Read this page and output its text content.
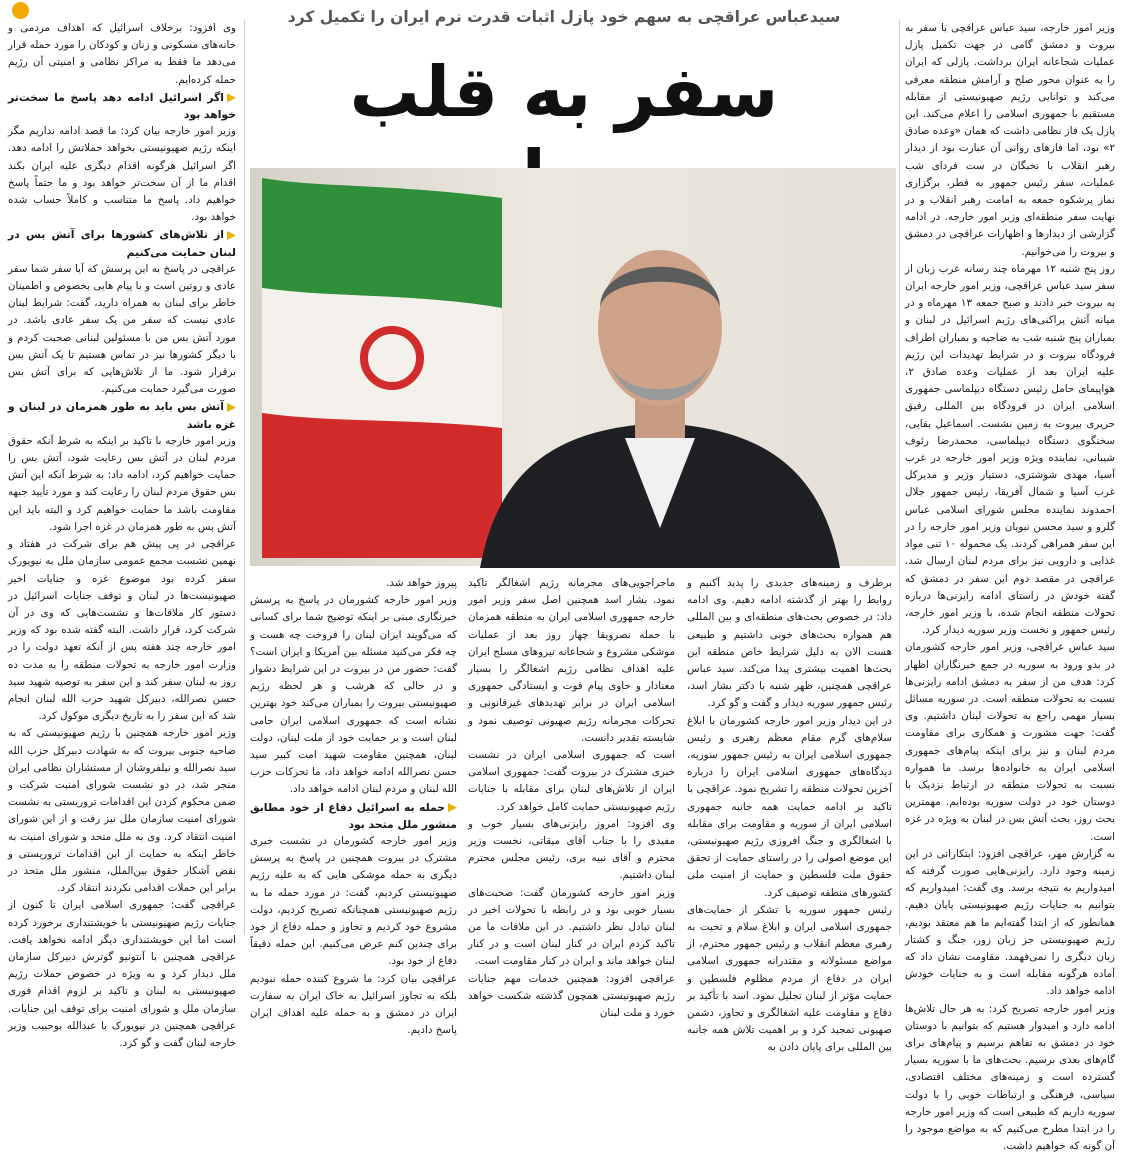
سیدعباس عراقچی به سهم خود پازل اثبات قدرت نرم ایران را تکمیل کرد
سفر به قلب

وزیر امور خارجه، سید عباس عراقچی با سفر به بیروت و دمشق گامی در جهت تکمیل پازل عملیات شجاعانه ایران برداشت. پازلی که ایران را به عنوان محور صلح و آرامش منطقه معرفی می‌کند و توانایی رژیم صهیونیستی از مقابله مستقیم با جمهوری اسلامی را اعلام می‌کند. این پازل یک فاز نظامی داشت که همان «وعده صادق ۲» بود، اما فازهای روانی آن عبارت بود از دیدار رهبر انقلاب با نخبگان در ست فردای شب عملیات، سفر رئیس جمهور به قطر، برگزاری نماز پرشکوه جمعه به امامت رهبر انقلاب و در نهایت سفر منطقه‌ای وزیر امور خارجه. در ادامه گزارشی از دیدارها و اظهارات عراقچی در دمشق و بیروت را می‌خوانیم.

روز پنج شنبه ۱۲ مهرماه چند رسانه عرب زبان از سفر سید عباس عراقچی، وزیر امور خارجه ایران به بیروت خبر دادند و صبح جمعه ۱۳ مهرماه و در میانه آتش پراکنی‌های رژیم اسرائیل در لبنان و بمباران پنج شنبه شب به ضاحیه و بمباران اطراف فرودگاه بیروت و در شرایط تهدیدات این رژیم علیه ایران بعد از عملیات وعده صادق ۲، هواپیمای حامل رئیس دستگاه دیپلماسی جمهوری اسلامی ایران در فرودگاه بین المللی رفیق حریری بیروت به زمین نشست. اسماعیل بقایی، سخنگوی دستگاه دیپلماسی، محمدرضا رئوف شیبانی، نماینده ویژه وزیر امور خارجه در غرب آسیا، مهدی شوشتری، دستیار وزیر و مدیرکل غرب آسیا و شمال آفریقا، رئیس جمهور جلال احمدوند نماینده مجلس شورای اسلامی عباس گلرو و سید محسن نبویان وزیر امور خارجه را در این سفر همراهی کردند. یک محموله ۱۰ تنی مواد غذایی و دارویی نیز برای مردم لبنان ارسال شد. عراقچی در مقصد دوم این سفر در دمشق که گفته خودش در راستای ادامه رایزنی‌ها درباره تحولات منطقه انجام شده، با وزیر امور خارجه، رئیس جمهور و نخست وزیر سوریه دیدار کرد.

سید عباس عراقچی، وزیر امور خارجه کشورمان در بدو ورود به سوریه در جمع خبرنگاران اظهار کرد: هدف من از سفر به دمشق ادامه رایزنی‌ها نسبت به تحولات منطقه است. در سوریه مسائل بسیار مهمی راجع به تحولات لبنان داشتیم. وی گفت: جهت مشورت و همکاری برای مقاومت مردم لبنان و نیز برای اینکه پیام‌های جمهوری اسلامی ایران به خانواده‌ها برسد. ما همواره نسبت به تحولات منطقه در ارتباط نزدیک با دوستان خود در دولت سوریه بوده‌ایم. مهمترین بحث روز، بحث آتش بس در لبنان به ویژه در غزه است.

به گزارش مهر، عراقچی افزود: ابتکاراتی در این زمینه وجود دارد. رایزنی‌هایی صورت گرفته که امیدواریم به نتیجه برسد. وی گفت: امیدواریم که بتوانیم به جنایات رژیم صهیونیستی پایان دهیم. همانطور که از ابتدا گفته‌ایم ما هم معتقد بودیم، رژیم صهیونیستی جز زبان زور، جنگ و کشتار زبان دیگری را نمی‌فهمد. مقاومت نشان داد که آماده هرگونه مقابله است و به جنایات خودش ادامه خواهد داد.

وزیر امور خارجه تصریح کرد: به هر حال تلاش‌ها ادامه دارد و امیدوار هستیم که بتوانیم با دوستان خود در دمشق به تفاهم برسیم و پیام‌های برای گام‌های بعدی برسیم. بحث‌های ما با سوریه بسیار گسترده است و زمینه‌های مختلف اقتصادی، سیاسی، فرهنگی و ارتباطات خوبی را با دولت سوریه داریم که طبیعی است که وزیر امور خارجه را در ابتدا مطرح می‌کنیم که به مواضع موجود را آن گونه که خواهیم داشت.

برطرف و زمینه‌های جدیدی را پدید آکنیم و روابط را بهتر از گذشته ادامه دهیم. وی ادامه داد: در خصوص بحث‌های منطقه‌ای و بین المللی هم همواره بحث‌های خوبی داشتیم و طبیعی هست الان به دلیل شرایط خاص منطقه این بحث‌ها اهمیت بیشتری پیدا می‌کند. سید عباس عراقچی همچنین، ظهر شنبه با دکتر بشار اسد، رئیس جمهور سوریه دیدار و گفت و گو کرد.

در این دیدار وزیر امور خارجه کشورمان با ابلاغ سلام‌های گرم مقام معظم رهبری و رئیس جمهوری اسلامی ایران به رئیس جمهور سوریه، دیدگاه‌های جمهوری اسلامی ایران را درباره آخرین تحولات منطقه را تشریح نمود. عراقچی با تاکید بر ادامه حمایت همه جانبه جمهوری اسلامی ایران از سوریه و مقاومت برای مقابله با اشغالگری و جنگ افروزی رژیم صهیونیستی، این موضع اصولی را در راستای حمایت از تحقق حقوق ملت فلسطین و حمایت از امنیت ملی کشورهای منطقه توصیف کرد.

رئیس جمهور سوریه با تشکر از حمایت‌های جمهوری اسلامی ایران و ابلاغ سلام و تحیت به رهبری معظم انقلاب و رئیس جمهور محترم، از مواضع مسئولانه و مقتدرانه جمهوری اسلامی ایران در دفاع از مردم مظلوم فلسطین و حمایت مؤثر از لبنان تجلیل نمود. اسد با تأکید بر دفاع و مقاومت علیه اشغالگری و تجاوز، دشمن صهیونی تمجید کرد و بر اهمیت تلاش همه جانبه بین المللی برای پایان دادن به

ماجراجویی‌های مجرمانه رژیم اشغالگر تاکید نمود. بشار اسد همچنین اصل سفر وزیر امور خارجه جمهوری اسلامی ایران به منطقه همزمان با حمله نصرویقا چهار روز بعد از عملیات موشکی مشروع و شجاعانه نیروهای مسلح ایران علیه اهداف نظامی رژیم اشغالگر را بسیار معنادار و حاوی پیام قوت و ایستادگی جمهوری اسلامی ایران در برابر تهدیدهای غیرقانونی و تحرکات مجرمانه رژیم صهیونی توصیف نمود و شایسته تقدیر دانست.

است که جمهوری اسلامی ایران در نشست خبری مشترک در بیروت گفت: جمهوری اسلامی ایران از تلاش‌های لبنان برای مقابله با جنایات رژیم صهیونیستی حمایت کامل خواهد کرد.

وی افزود: امروز رایزنی‌های بسیار خوب و مفیدی را با جناب آقای میقاتی، نخست وزیر محترم و آقای نبیه بری، رئیس مجلس محترم لبنان داشتیم.

وزیر امور خارجه کشورمان گفت: صحبت‌های بسیار خوبی بود و در رابطه با تحولات اخیر در لبنان تبادل نظر داشتیم. در این ملاقات ما من تاکید کردم ایران در کنار لبنان است و در کنار لبنان خواهد ماند و ایران در کنار مقاومت است.

عراقچی افزود: همچنین خدمات مهم جنایات رژیم صهیونیستی همچون گذشته شکست خواهد خورد و ملت لبنان

پیروز خواهد شد.

وزیر امور خارجه کشورمان در پاسخ به پرسش خبرنگاری مبنی بر اینکه توضیح شما برای کسانی که می‌گویند ایران لبنان را فروخت چه هست و چه فکر می‌کنید مسئله بین آمریکا و ایران است؟ گفت: حضور من در بیروت در این شرایط دشوار و در حالی که هرشب و هر لحظه رژیم صهیونیستی بیروت را بمباران می‌کند خود بهترین نشانه است که جمهوری اسلامی ایران حامی لبنان است و بر حمایت خود از ملت لبنان، دولت لبنان، همچنین مقاومت شهید امت کبیر سید حسن نصرالله ادامه خواهد داد، ما تحرکات حزب الله لبنان و مردم لبنان ادامه خواهد داد.

حمله به اسرائیل دفاع از خود مطابق منشور ملل متحد بود

وزیر امور خارجه کشورمان در نشست خبری مشترک در بیروت همچنین در پاسخ به پرسش دیگری به حمله موشکی هایی که به علیه رژیم صهیونیستی کردیم، گفت: در مورد حمله ما به رژیم صهیونیستی همچنانکه تصریح کردیم، دولت مشروع خود کردیم و تجاوز و حمله دفاع از خود برای چندین کنم عرض می‌کنیم. این حمله دقیقاً دفاع از خود بود.

عراقچی بیان کرد: ما شروع کننده حمله نبودیم بلکه به تجاوز اسرائیل به خاک ایران به سفارت ایران در دمشق و به حمله علیه اهداف ایران پاسخ دادیم.

وی افزود: برخلاف اسرائیل که اهداف مردمی و خانه‌های مسکونی و زنان و کودکان را مورد حمله قرار می‌دهد ما فقط به مراکز نظامی و امنیتی آن رژیم حمله کرده‌ایم.

اگر اسرائیل ادامه دهد پاسخ ما سخت‌تر خواهد بود

وزیر امور خارجه بیان کرد: ما قصد ادامه نداریم مگر اینکه رژیم صهیونیستی بخواهد حملاتش را ادامه دهد. اگر اسرائیل هرگونه اقدام دیگری علیه ایران بکند اقدام ما از آن سخت‌تر خواهد بود و ما حتماً پاسخ خواهیم داد. پاسخ ما متناسب و کاملاً حساب شده خواهد بود.

از تلاش‌های کشورها برای آتش بس در لبنان حمایت می‌کنیم

عراقچی در پاسخ به این پرسش که آیا سفر شما سفر عادی و روتین است و با پیام هایی بخصوص و اطمینان خاطر برای لبنان به همراه دارید، گفت: شرایط لبنان عادی نیست که سفر من یک سفر عادی باشد. در مورد آتش بس من با مسئولین لبنانی صحبت کردم و با دیگر کشورها نیز در تماس هستیم تا یک آتش بس برقرار شود. ما از تلاش‌هایی که برای آتش بس صورت می‌گیرد حمایت می‌کنیم.

آتش بس باید به طور همزمان در لبنان و غزه باشد

وزیر امور خارجه با تاکید بر اینکه به شرط آنکه حقوق مردم لبنان در آتش بس رعایت شود، آتش بس را حمایت خواهیم کرد، ادامه داد: به شرط آنکه این آتش بس حقوق مردم لبنان را رعایت کند و مورد تأیید جبهه مقاومت باشد ما حمایت خواهیم کرد و البته باید این آتش بس به طور همزمان در غزه اجرا شود.

عراقچی در پی پیش هم برای شرکت در هفتاد و نهمین نشست مجمع عمومی سازمان ملل به نیویورک سفر کرده بود موضوع غزه و جنایات اخیر صهیونیست‌ها در لبنان و توقف جنایات اسرائیل در دستور کار ملاقات‌ها و نشست‌هایی که وی در آن شرکت کرد، قرار داشت. البته گفته شده بود که وزیر امور خارجه چند هفته پس از آنکه تعهد دولت را در وزارت امور خارجه به تحولات منطقه را به مدت ده روز به لبنان سفر کند و این سفر به توصیه شهید سید حسن نصرالله، دبیرکل شهید حزب الله لبنان انجام شد که این سفر را به تاریخ دیگری موکول کرد.

وزیر امور خارجه همچنین با رژیم صهیونیستی که به ضاحیه جنوبی بیروت که به شهادت دبیرکل حزب الله سید نصرالله و نیلفروشان از مستشاران نظامی ایران منجر شد، در دو نشست شورای امنیت شرکت و ضمن محکوم کردن این اقدامات تروریستی به نشست شورای امنیت سازمان ملل نیز رفت و از این شورای امنیت انتقاد کرد. وی به ملل متحد و شورای امنیت به خاطر اینکه به حمایت از این اقدامات تروریستی و نقض آشکار حقوق بین‌الملل، منشور ملل متحد در برابر این حملات اقدامی نکردند انتقاد کرد.

عراقچی گفت: جمهوری اسلامی ایران تا کنون از جنایات رژیم صهیونیستی با خویشتنداری برخورد کرده است اما این خویشتنداری دیگر ادامه نخواهد یافت. عراقچی همچنین با آنتونیو گوترش دبیرکل سازمان ملل دیدار کرد و به ویژه در خصوص حملات رژیم صهیونیستی به لبنان و تاکید بر لزوم اقدام فوری سازمان ملل و شورای امنیت برای توقف این جنایات. عراقچی همچنین در نیویورک با عبدالله بوحبیب وزیر خارجه لبنان گفت و گو کرد.
